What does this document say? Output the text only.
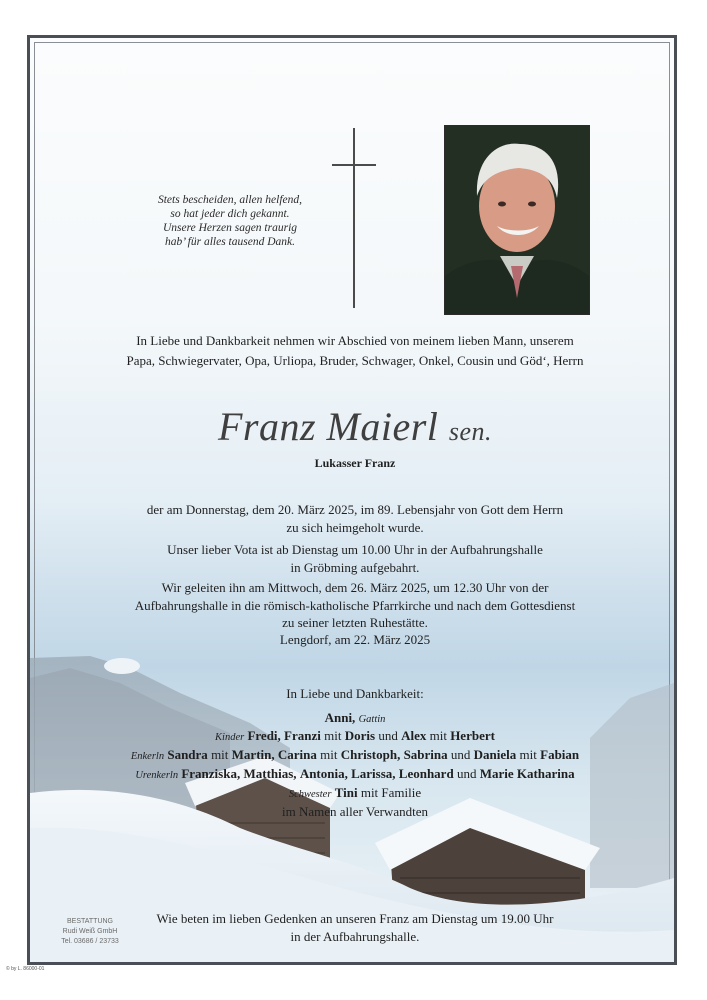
Stets bescheiden, allen helfend,
so hat jeder dich gekannt.
Unsere Herzen sagen traurig
hab’ für alles tausend Dank.
In Liebe und Dankbarkeit nehmen wir Abschied von meinem lieben Mann, unserem
Papa, Schwiegervater, Opa, Urliopa, Bruder, Schwager, Onkel, Cousin und Göd‘, Herrn
Franz Maierl sen.
Lukasser Franz
der am Donnerstag, dem 20. März 2025, im 89. Lebensjahr von Gott dem Herrn
zu sich heimgeholt wurde.
Unser lieber Vota ist ab Dienstag um 10.00 Uhr in der Aufbahrungshalle
in Gröbming aufgebahrt.
Wir geleiten ihn am Mittwoch, dem 26. März 2025, um 12.30 Uhr von der
Aufbahrungshalle in die römisch-katholische Pfarrkirche und nach dem Gottesdienst
zu seiner letzten Ruhestätte.
Lengdorf, am 22. März 2025
In Liebe und Dankbarkeit:
Anni, Gattin
Kinder Fredi, Franzi mit Doris und Alex mit Herbert
Enkerln Sandra mit Martin, Carina mit Christoph, Sabrina und Daniela mit Fabian
Urenkerln Franziska, Matthias, Antonia, Larissa, Leonhard und Marie Katharina
Schwester Tini mit Familie
im Namen aller Verwandten
Wie beten im lieben Gedenken an unseren Franz am Dienstag um 19.00 Uhr
in der Aufbahrungshalle.
BESTATTUNG
Rudi Weiß GmbH
Tel. 03686 / 23733
© by L. 86000-01
